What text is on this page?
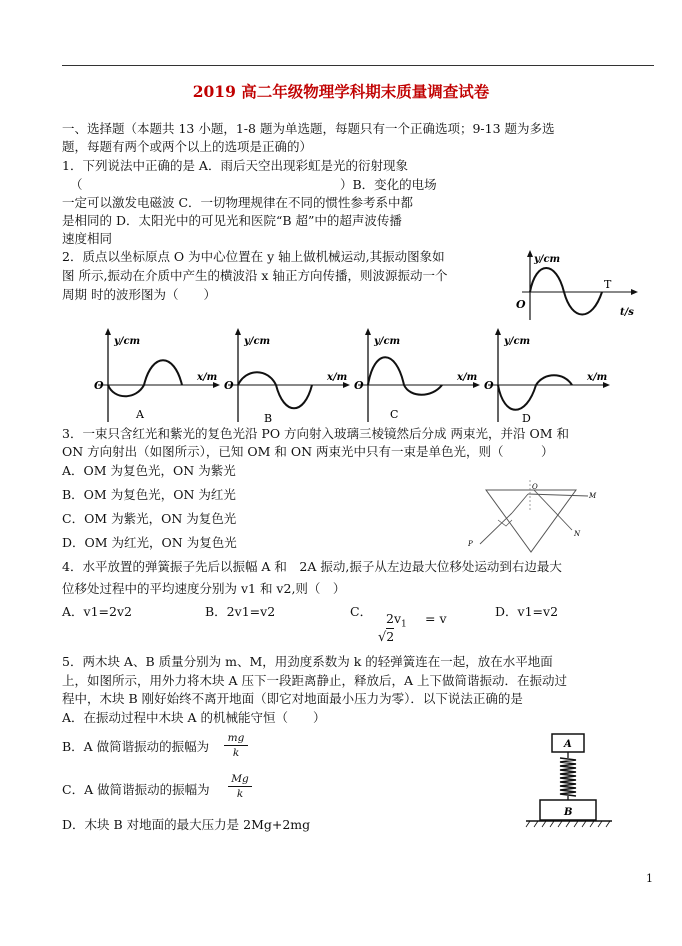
2019 高二年级物理学科期末质量调查试卷
一、选择题（本题共 13 小题，1-8 题为单选题，每题只有一个正确选项；9-13 题为多选
题，每题有两个或两个以上的选项是正确的）
1．下列说法中正确的是 A．雨后天空出现彩虹是光的衍射现象
（	）B．变化的电场
一定可以激发电磁波 C．一切物理规律在不同的惯性参考系中都
是相同的 D．太阳光中的可见光和医院“B 超”中的超声波传播
速度相同
2．质点以坐标原点 O 为中心位置在 y 轴上做机械运动,其振动图象如
图 所示,振动在介质中产生的横波沿 x 轴正方向传播，则波源振动一个
周期 时的波形图为（　　）
y/cm
O
T
t/s
y/cm
O
x/m
A
y/cm
O
x/m
B
y/cm
O
x/m
C
y/cm
O
x/m
D
3．一束只含红光和紫光的复色光沿 PO 方向射入玻璃三棱镜然后分成 两束光，并沿 OM 和
ON 方向射出（如图所示），已知 OM 和 ON 两束光中只有一束是单色光，则（　　　）
A．OM 为复色光，ON 为紫光
B．OM 为复色光，ON 为红光
C．OM 为紫光，ON 为复色光
D．OM 为红光，ON 为复色光	P
O
M
N
4．水平放置的弹簧振子先后以振幅 A 和　2A 振动,振子从左边最大位移处运动到右边最大
位移处过程中的平均速度分别为 v1 和 v2,则（　）
A．v1=2v2	B．2v1=v2	C． $2v_1 = v$
√2
D．v1=v2
5．两木块 A、B 质量分别为 m、M，用劲度系数为 k 的轻弹簧连在一起，放在水平地面
上，如图所示，用外力将木块 A 压下一段距离静止，释放后，A 上下做简谐振动．在振动过
程中，木块 B 刚好始终不离开地面（即它对地面最小压力为零）．以下说法正确的是
A．在振动过程中木块 A 的机械能守恒（　　）
B．A 做简谐振动的振幅为
mg
k
C．A 做简谐振动的振幅为
Mg
k
D．木块 B 对地面的最大压力是 2Mg+2mg
A
B
1
